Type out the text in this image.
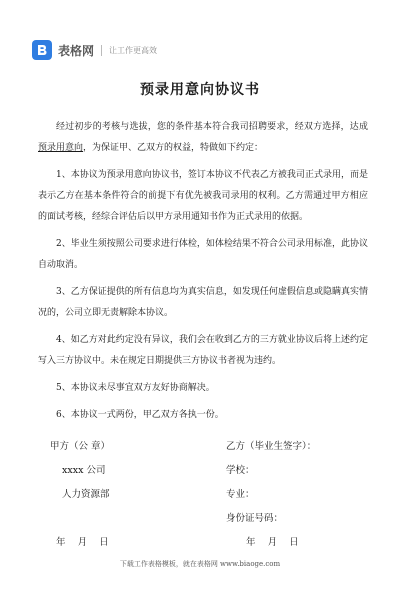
表格网 让工作更高效
预录用意向协议书

经过初步的考核与选拔，您的条件基本符合我司招聘要求，经双方选择，达成预录用意向，为保证甲、乙双方的权益，特做如下约定：

1、本协议为预录用意向协议书，签订本协议不代表乙方被我司正式录用，而是表示乙方在基本条件符合的前提下有优先被我司录用的权利。乙方需通过甲方相应的面试考核，经综合评估后以甲方录用通知书作为正式录用的依据。

2、毕业生须按照公司要求进行体检，如体检结果不符合公司录用标准，此协议自动取消。

3、乙方保证提供的所有信息均为真实信息，如发现任何虚假信息或隐瞒真实情况的，公司立即无责解除本协议。

4、如乙方对此约定没有异议，我们会在收到乙方的三方就业协议后将上述约定写入三方协议中。未在规定日期提供三方协议书者视为违约。

5、本协议未尽事宜双方友好协商解决。

6、本协议一式两份，甲乙双方各执一份。

甲方（公 章）
xxxx 公司
人力资源部
年    月    日
乙方（毕业生签字）：
学校：
专业：
身份证号码：
年    月    日
下载工作表格模板，就在表格网 www.biaoge.com
